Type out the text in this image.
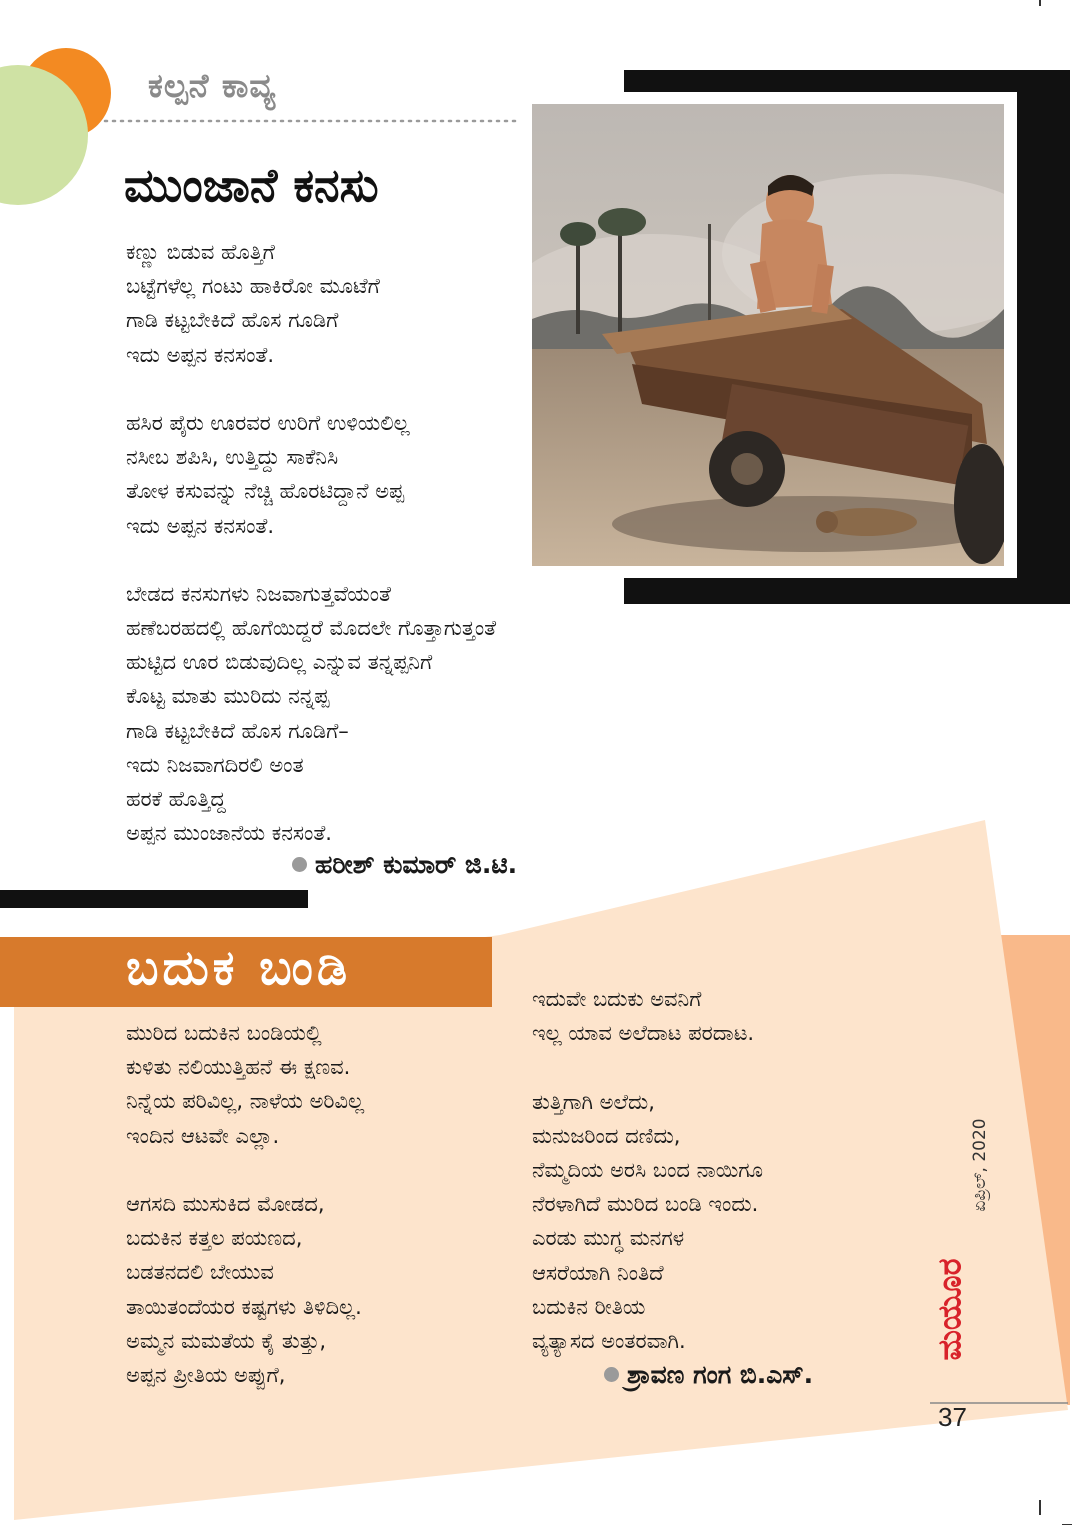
ಕಲ್ಪನೆ ಕಾವ್ಯ
ಮುಂಜಾನೆ ಕನಸು
ಕಣ್ಣು ಬಿಡುವ ಹೊತ್ತಿಗೆ
ಬಟ್ಟೆಗಳೆಲ್ಲ ಗಂಟು ಹಾಕಿರೋ ಮೂಟೆಗೆ
ಗಾಡಿ ಕಟ್ಟಬೇಕಿದೆ ಹೊಸ ಗೂಡಿಗೆ
ಇದು ಅಪ್ಪನ ಕನಸಂತೆ.
ಹಸಿರ ಪೈರು ಊರವರ ಉರಿಗೆ ಉಳಿಯಲಿಲ್ಲ
ನಸೀಬ ಶಪಿಸಿ, ಉತ್ತಿದ್ದು ಸಾಕೆನಿಸಿ
ತೋಳ ಕಸುವನ್ನು ನೆಚ್ಚಿ ಹೊರಟಿದ್ದಾನೆ ಅಪ್ಪ
ಇದು ಅಪ್ಪನ ಕನಸಂತೆ.
ಬೇಡದ ಕನಸುಗಳು ನಿಜವಾಗುತ್ತವೆಯಂತೆ
ಹಣೆಬರಹದಲ್ಲಿ ಹೊಗೆಯಿದ್ದರೆ ಮೊದಲೇ ಗೊತ್ತಾಗುತ್ತಂತೆ
ಹುಟ್ಟಿದ ಊರ ಬಿಡುವುದಿಲ್ಲ ಎನ್ನುವ ತನ್ನಪ್ಪನಿಗೆ
ಕೊಟ್ಟ ಮಾತು ಮುರಿದು ನನ್ನಪ್ಪ
ಗಾಡಿ ಕಟ್ಟಬೇಕಿದೆ ಹೊಸ ಗೂಡಿಗೆ–
ಇದು ನಿಜವಾಗದಿರಲಿ ಅಂತ
ಹರಕೆ ಹೊತ್ತಿದ್ದ
ಅಪ್ಪನ ಮುಂಜಾನೆಯ ಕನಸಂತೆ.
ಹರೀಶ್ ಕುಮಾರ್ ಜಿ.ಟಿ.
ಬದುಕ ಬಂಡಿ
ಮುರಿದ ಬದುಕಿನ ಬಂಡಿಯಲ್ಲಿ
ಕುಳಿತು ನಲಿಯುತ್ತಿಹನೆ ಈ ಕ್ಷಣವ.
ನಿನ್ನೆಯ ಪರಿವಿಲ್ಲ, ನಾಳೆಯ ಅರಿವಿಲ್ಲ
ಇಂದಿನ ಆಟವೇ ಎಲ್ಲಾ.
ಆಗಸದಿ ಮುಸುಕಿದ ಮೋಡದ,
ಬದುಕಿನ ಕತ್ತಲ ಪಯಣದ,
ಬಡತನದಲಿ ಬೇಯುವ
ತಾಯಿತಂದೆಯರ ಕಷ್ಟಗಳು ತಿಳಿದಿಲ್ಲ.
ಅಮ್ಮನ ಮಮತೆಯ ಕೈ ತುತ್ತು,
ಅಪ್ಪನ ಪ್ರೀತಿಯ ಅಪ್ಪುಗೆ,
ಇದುವೇ ಬದುಕು ಅವನಿಗೆ
ಇಲ್ಲ ಯಾವ ಅಲೆದಾಟ ಪರದಾಟ.
ತುತ್ತಿಗಾಗಿ ಅಲೆದು,
ಮನುಜರಿಂದ ದಣಿದು,
ನೆಮ್ಮದಿಯ ಅರಸಿ ಬಂದ ನಾಯಿಗೂ
ನೆರಳಾಗಿದೆ ಮುರಿದ ಬಂಡಿ ಇಂದು.
ಎರಡು ಮುಗ್ಧ ಮನಗಳ
ಆಸರೆಯಾಗಿ ನಿಂತಿದೆ
ಬದುಕಿನ ರೀತಿಯ
ವ್ಯತ್ಯಾಸದ ಅಂತರವಾಗಿ.
ಶ್ರಾವಣ ಗಂಗ ಬಿ.ಎಸ್.
ಏಪ್ರಿಲ್, 2020
ಮಯೂರ
37
